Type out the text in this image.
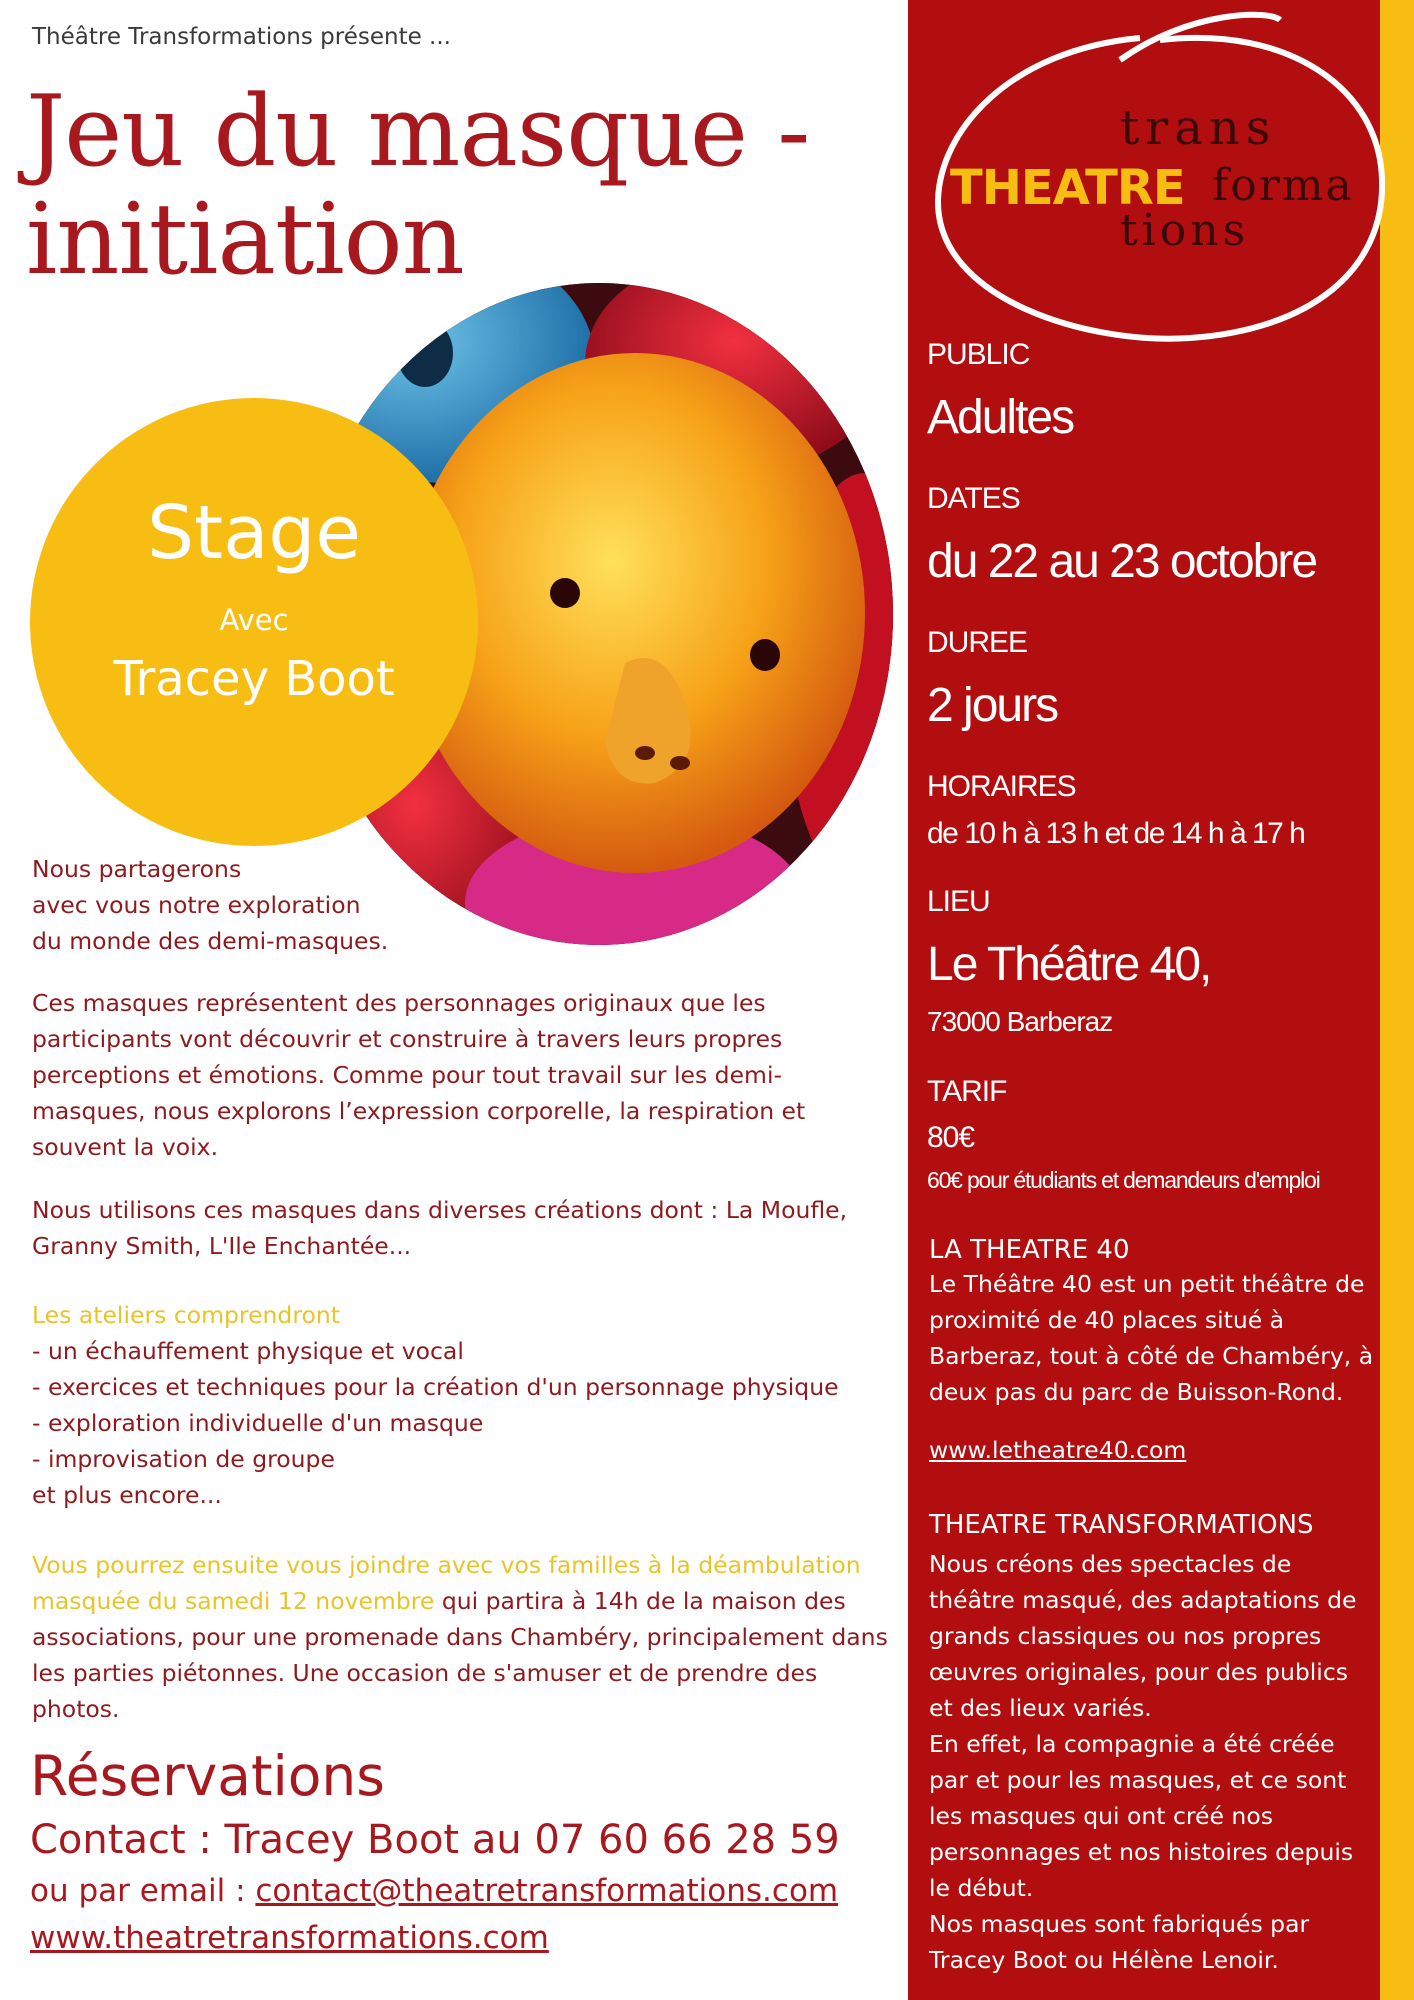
Théâtre Transformations présente ...
Jeu du masque -
initiation
Stage
Avec
Tracey Boot
Nous partagerons
avec vous notre exploration
du monde des demi-masques.
Ces masques représentent des personnages originaux que les participants vont découvrir et construire à travers leurs propres perceptions et émotions. Comme pour tout travail sur les demi-masques, nous explorons l’expression corporelle, la respiration et souvent la voix.
Nous utilisons ces masques dans diverses créations dont : La Moufle, Granny Smith, L'Ile Enchantée...
Les ateliers comprendront
- un échauffement physique et vocal
- exercices et techniques pour la création d'un personnage physique
- exploration individuelle d'un masque
- improvisation de groupe
et plus encore...
Vous pourrez ensuite vous joindre avec vos familles à la déambulation masquée du samedi 12 novembre qui partira à 14h de la maison des associations, pour une promenade dans Chambéry, principalement dans les parties piétonnes. Une occasion de s'amuser et de prendre des photos.
Réservations
Contact : Tracey Boot au 07 60 66 28 59
ou par email : contact@theatretransformations.com
www.theatretransformations.com
THEATRE
trans
forma
tions
PUBLIC
Adultes
DATES
du 22 au 23 octobre
DUREE
2 jours
HORAIRES
de 10 h à 13 h et de 14 h à 17 h
LIEU
Le Théâtre 40,
73000 Barberaz
TARIF
80€
60€ pour étudiants et demandeurs d'emploi
LA THEATRE 40
Le Théâtre 40 est un petit théâtre de proximité de 40 places situé à Barberaz, tout à côté de Chambéry, à deux pas du parc de Buisson-Rond.
www.letheatre40.com
THEATRE TRANSFORMATIONS
Nous créons des spectacles de théâtre masqué, des adaptations de grands classiques ou nos propres œuvres originales, pour des publics et des lieux variés.
En effet, la compagnie a été créée par et pour les masques, et ce sont les masques qui ont créé nos personnages et nos histoires depuis le début.
Nos masques sont fabriqués par Tracey Boot ou Hélène Lenoir.
